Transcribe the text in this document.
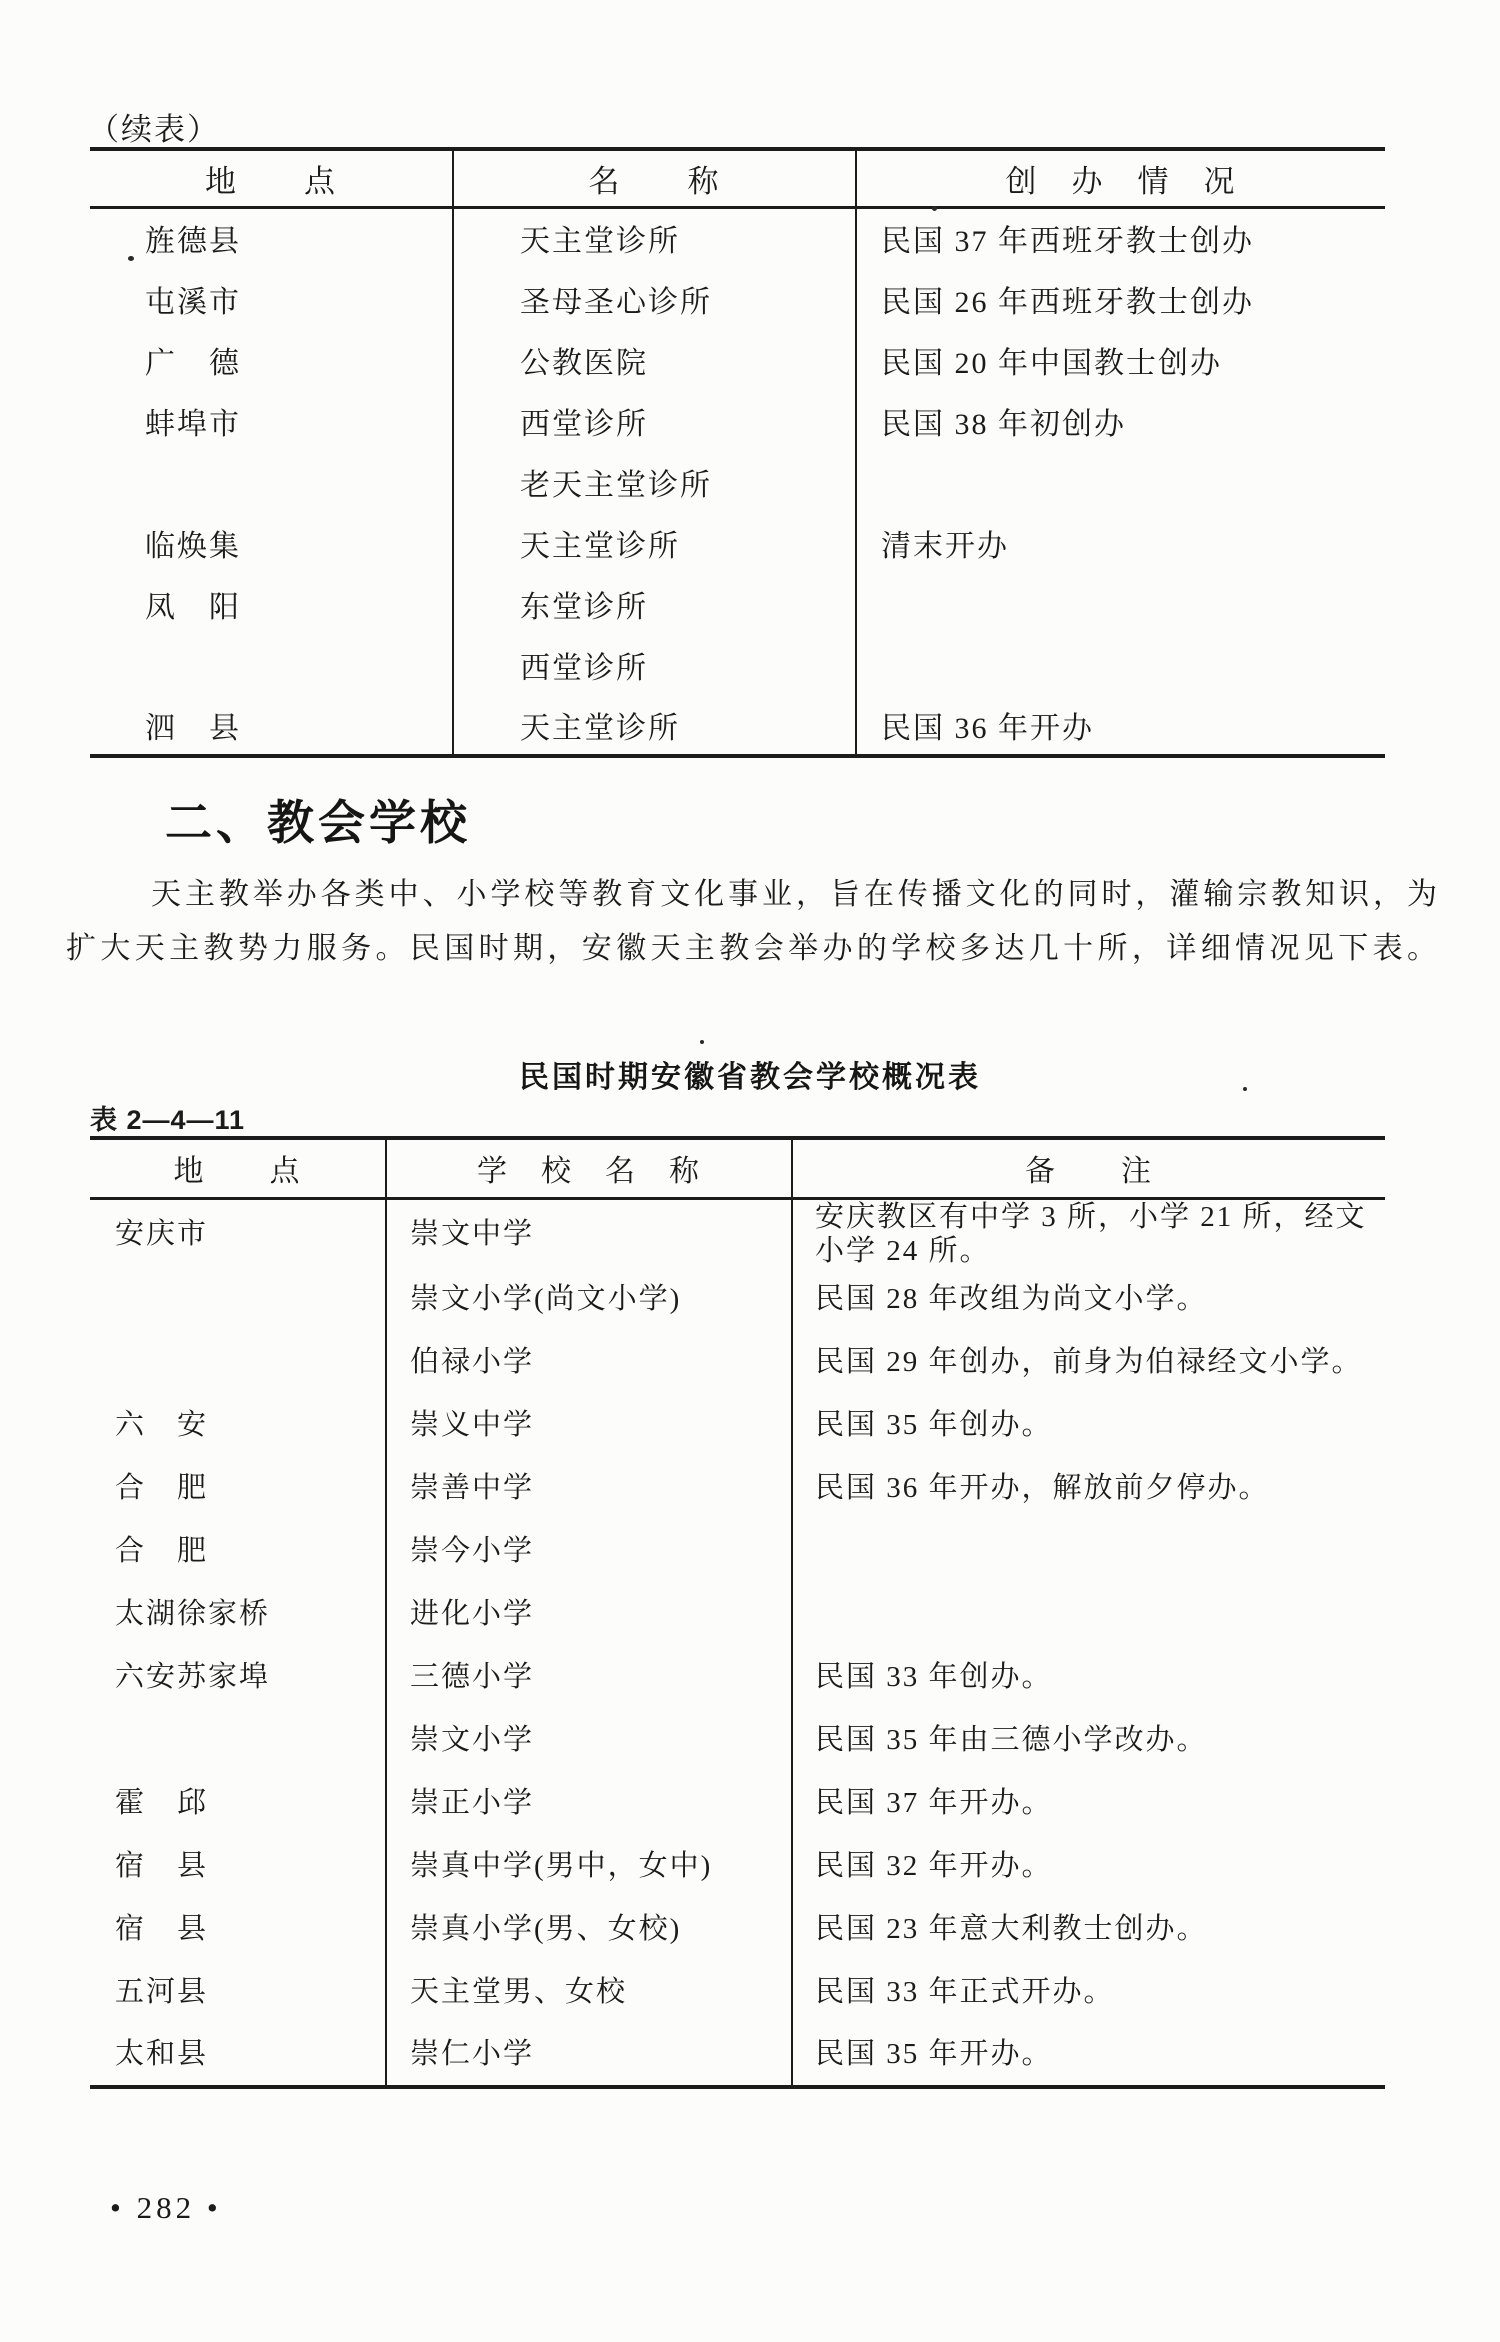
（续表）
地　　点	名　　称	创　办　情　况
旌德县	天主堂诊所	民国 37 年西班牙教士创办
屯溪市	圣母圣心诊所	民国 26 年西班牙教士创办
广　德	公教医院	民国 20 年中国教士创办
蚌埠市	西堂诊所	民国 38 年初创办
	老天主堂诊所	
临焕集	天主堂诊所	清末开办
凤　阳	东堂诊所	
	西堂诊所	
泗　县	天主堂诊所	民国 36 年开办
二、教会学校
天主教举办各类中、小学校等教育文化事业，旨在传播文化的同时，灌输宗教知识，为
扩大天主教势力服务。民国时期，安徽天主教会举办的学校多达几十所，详细情况见下表。
民国时期安徽省教会学校概况表
表 2—4—11
地　　点	学　校　名　称	备　　注
安庆市	崇文中学	安庆教区有中学 3 所，小学 21 所，经文小学 24 所。
	崇文小学(尚文小学)	民国 28 年改组为尚文小学。
	伯禄小学	民国 29 年创办，前身为伯禄经文小学。
六　安	崇义中学	民国 35 年创办。
合　肥	崇善中学	民国 36 年开办，解放前夕停办。
合　肥	崇今小学	
太湖徐家桥	进化小学	
六安苏家埠	三德小学	民国 33 年创办。
	崇文小学	民国 35 年由三德小学改办。
霍　邱	崇正小学	民国 37 年开办。
宿　县	崇真中学(男中，女中)	民国 32 年开办。
宿　县	崇真小学(男、女校)	民国 23 年意大利教士创办。
五河县	天主堂男、女校	民国 33 年正式开办。
太和县	崇仁小学	民国 35 年开办。
• 282 •
